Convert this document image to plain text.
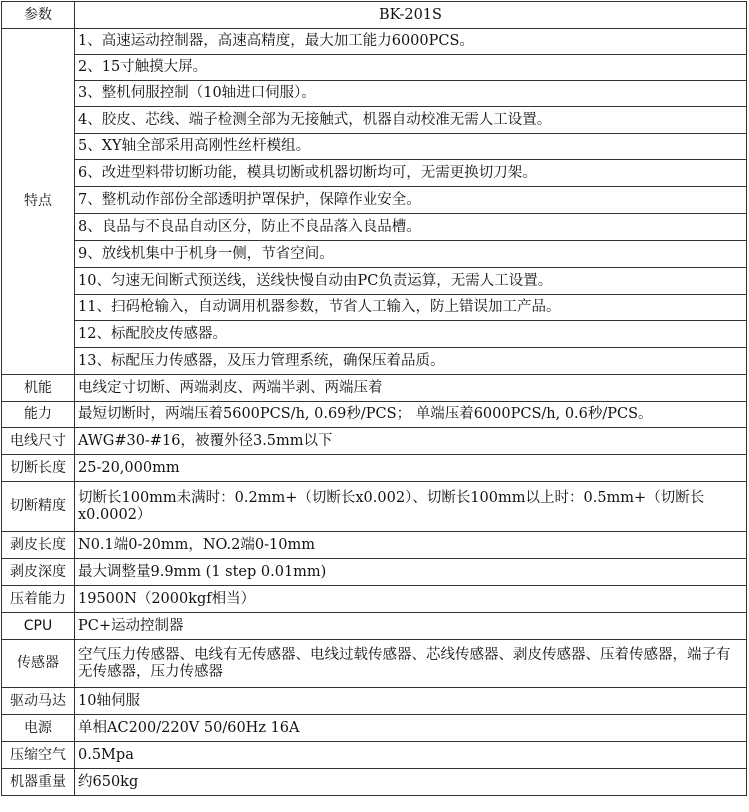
参数	BK-201S
特点	1、高速运动控制器，高速高精度，最大加工能力6000PCS。
	2、15寸触摸大屏。
	3、整机伺服控制（10轴进口伺服）。
	4、胶皮、芯线、端子检测全部为无接触式，机器自动校准无需人工设置。
	5、XY轴全部采用高刚性丝杆模组。
	6、改进型料带切断功能，模具切断或机器切断均可，无需更换切刀架。
	7、整机动作部份全部透明护罩保护，保障作业安全。
	8、良品与不良品自动区分，防止不良品落入良品槽。
	9、放线机集中于机身一侧，节省空间。
	10、匀速无间断式预送线，送线快慢自动由PC负责运算，无需人工设置。
	11、扫码枪输入，自动调用机器参数，节省人工输入，防上错误加工产品。
	12、标配胶皮传感器。
	13、标配压力传感器，及压力管理系统，确保压着品质。
机能	电线定寸切断、两端剥皮、两端半剥、两端压着
能力	最短切断时，两端压着5600PCS/h, 0.69秒/PCS； 单端压着6000PCS/h, 0.6秒/PCS。
电线尺寸	AWG#30-#16，被覆外径3.5mm以下
切断长度	25-20,000mm
切断精度	切断长100mm未满时：0.2mm+（切断长x0.002）、切断长100mm以上时：0.5mm+（切断长x0.0002）
剥皮长度	N0.1端0-20mm，NO.2端0-10mm
剥皮深度	最大调整量9.9mm (1 step 0.01mm)
压着能力	19500N（2000kgf相当）
CPU	PC+运动控制器
传感器	空气压力传感器、电线有无传感器、电线过载传感器、芯线传感器、剥皮传感器、压着传感器，端子有无传感器，压力传感器
驱动马达	10轴伺服
电源	单相AC200/220V 50/60Hz 16A
压缩空气	0.5Mpa
机器重量	约650kg
